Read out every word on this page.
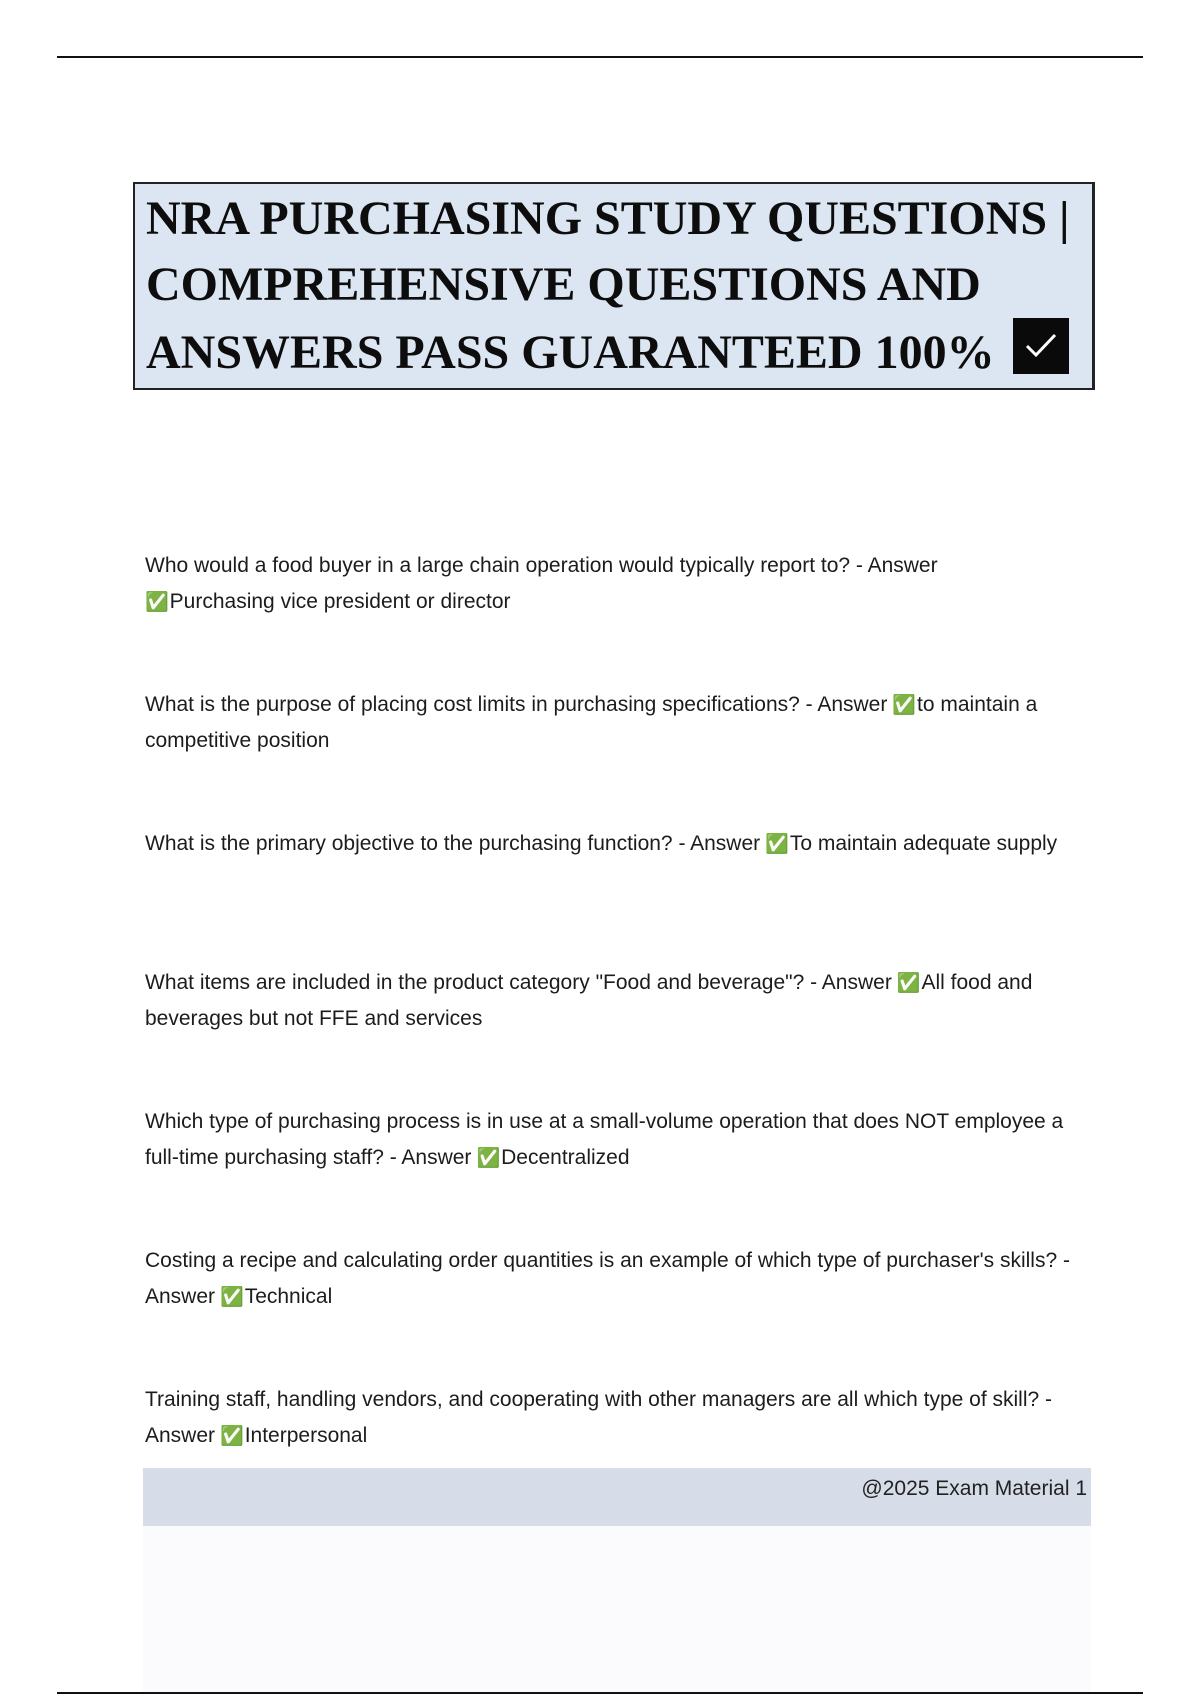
NRA PURCHASING STUDY QUESTIONS |
COMPREHENSIVE QUESTIONS AND
ANSWERS PASS GUARANTEED 100%
Who would a food buyer in a large chain operation would typically report to? - Answer
✅Purchasing vice president or director
What is the purpose of placing cost limits in purchasing specifications? - Answer ✅to maintain a competitive position
What is the primary objective to the purchasing function? - Answer ✅To maintain adequate supply
What items are included in the product category "Food and beverage"? - Answer ✅All food and beverages but not FFE and services
Which type of purchasing process is in use at a small-volume operation that does NOT employee a full-time purchasing staff? - Answer ✅Decentralized
Costing a recipe and calculating order quantities is an example of which type of purchaser's skills? - Answer ✅Technical
Training staff, handling vendors, and cooperating with other managers are all which type of skill? - Answer ✅Interpersonal
@2025 Exam Material 1
